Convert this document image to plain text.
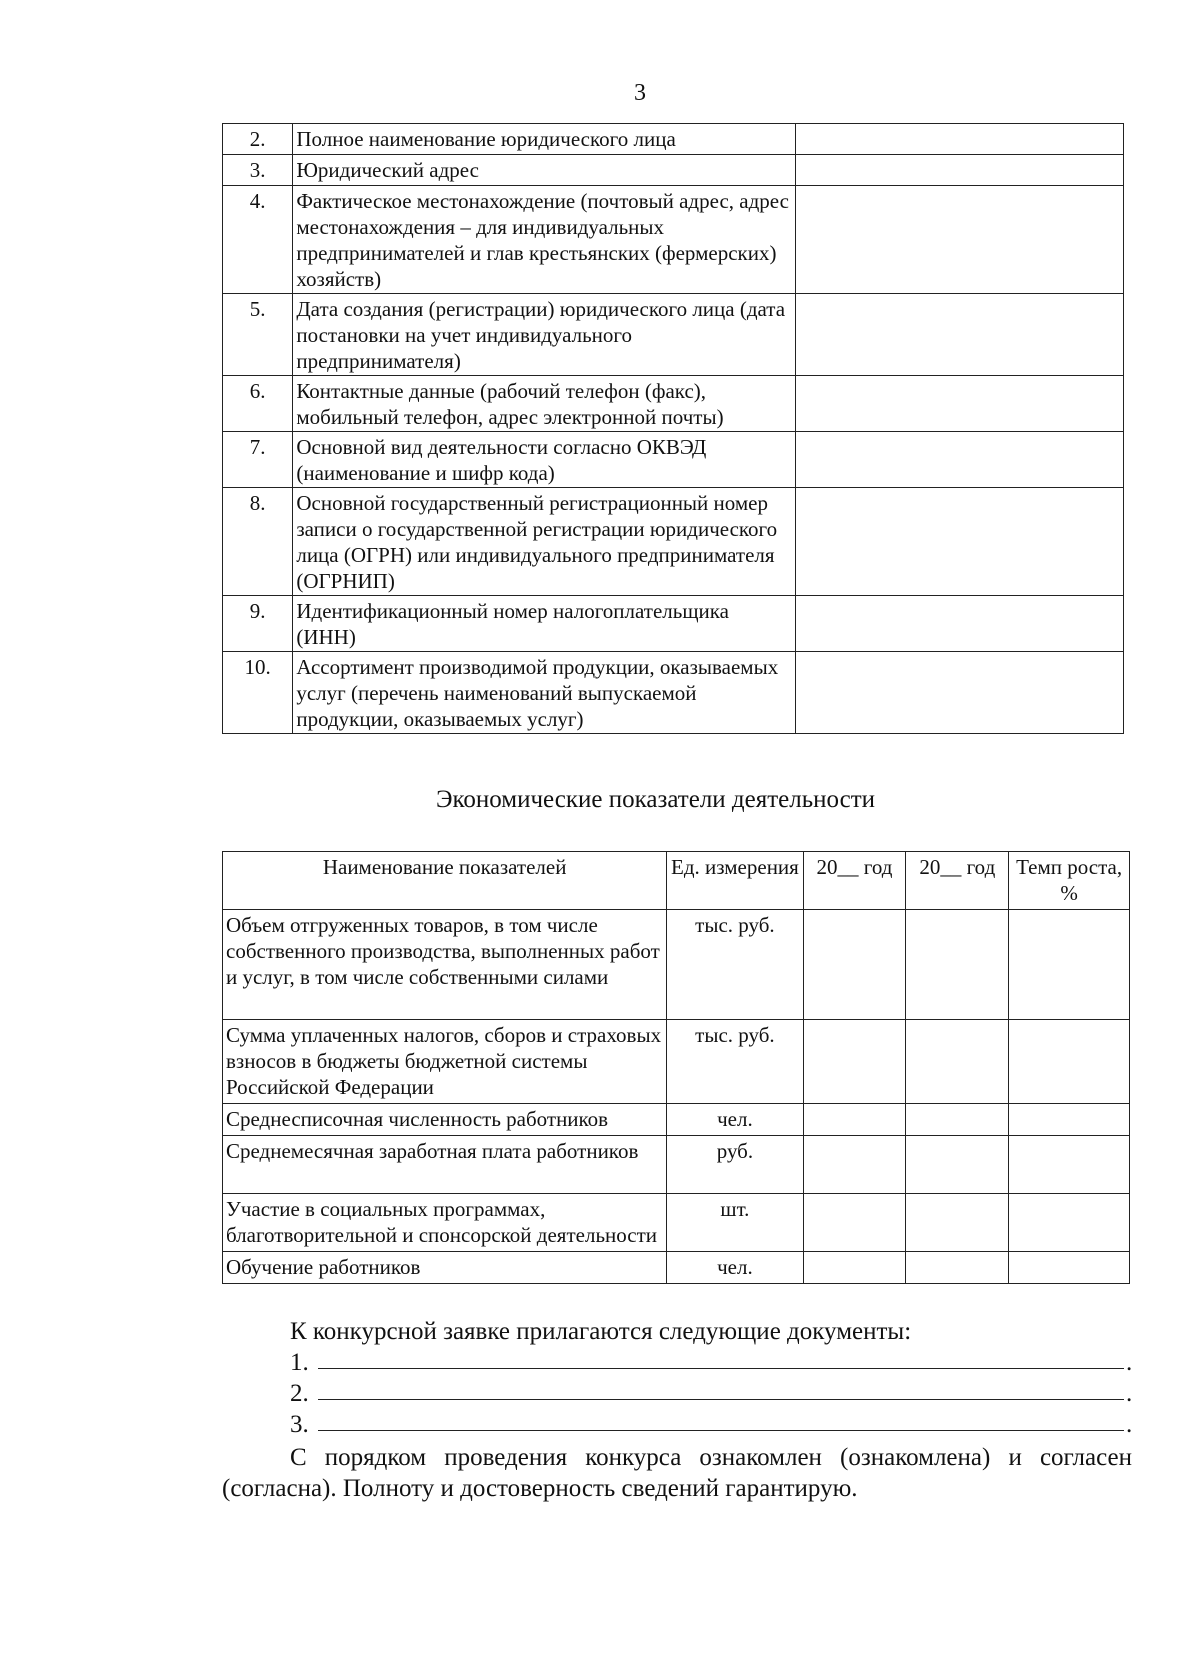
3
2.	Полное наименование юридического лица	
3.	Юридический адрес	
4.	Фактическое местонахождение (почтовый адрес, адрес местонахождения – для индивидуальных предпринимателей и глав крестьянских (фермерских) хозяйств)	
5.	Дата создания (регистрации) юридического лица (дата постановки на учет индивидуального предпринимателя)	
6.	Контактные данные (рабочий телефон (факс), мобильный телефон, адрес электронной почты)	
7.	Основной вид деятельности согласно ОКВЭД (наименование и шифр кода)	
8.	Основной государственный регистрационный номер записи о государственной регистрации юридического лица (ОГРН) или индивидуального предпринимателя (ОГРНИП)	
9.	Идентификационный номер налогоплательщика (ИНН)	
10.	Ассортимент производимой продукции, оказываемых услуг (перечень наименований выпускаемой продукции, оказываемых услуг)	
Экономические показатели деятельности
Наименование показателей	Ед. измерения	20__ год	20__ год	Темп роста, %
Объем отгруженных товаров, в том числе собственного производства, выполненных работ и услуг, в том числе собственными силами	тыс. руб.			
Сумма уплаченных налогов, сборов и страховых взносов в бюджеты бюджетной системы Российской Федерации	тыс. руб.			
Среднесписочная численность работников	чел.			
Среднемесячная заработная плата работников	руб.			
Участие в социальных программах, благотворительной и спонсорской деятельности	шт.			
Обучение работников	чел.			
К конкурсной заявке прилагаются следующие документы:
1.	.
2.	.
3.	.
С порядком проведения конкурса ознакомлен (ознакомлена) и согласен (согласна). Полноту и достоверность сведений гарантирую.
